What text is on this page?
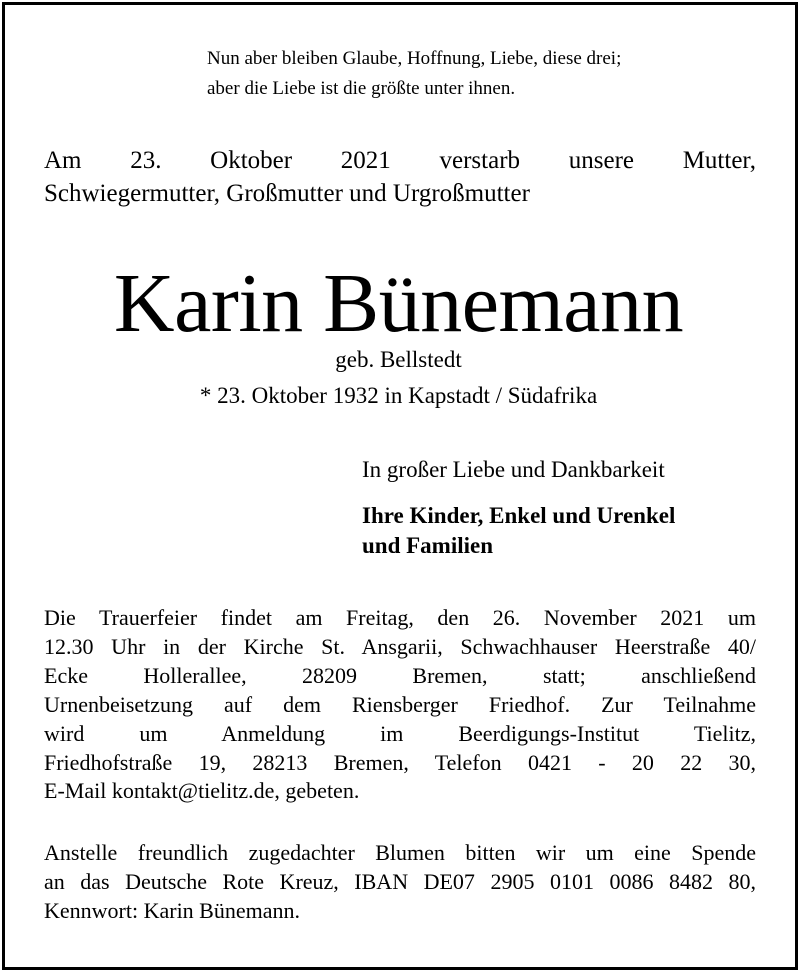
Nun aber bleiben Glaube, Hoffnung, Liebe, diese drei;
aber die Liebe ist die größte unter ihnen.
Am 23. Oktober 2021 verstarb unsere Mutter,
Schwiegermutter, Großmutter und Urgroßmutter
Karin Bünemann
geb. Bellstedt
* 23. Oktober 1932 in Kapstadt / Südafrika
In großer Liebe und Dankbarkeit
Ihre Kinder, Enkel und Urenkel
und Familien
Die Trauerfeier findet am Freitag, den 26. November 2021 um
12.30 Uhr in der Kirche St. Ansgarii, Schwachhauser Heerstraße 40/
Ecke Hollerallee, 28209 Bremen, statt; anschließend
Urnenbeisetzung auf dem Riensberger Friedhof. Zur Teilnahme
wird um Anmeldung im Beerdigungs-Institut Tielitz,
Friedhofstraße 19, 28213 Bremen, Telefon 0421 - 20 22 30,
E-Mail kontakt@tielitz.de, gebeten.
Anstelle freundlich zugedachter Blumen bitten wir um eine Spende
an das Deutsche Rote Kreuz, IBAN DE07 2905 0101 0086 8482 80,
Kennwort: Karin Bünemann.
